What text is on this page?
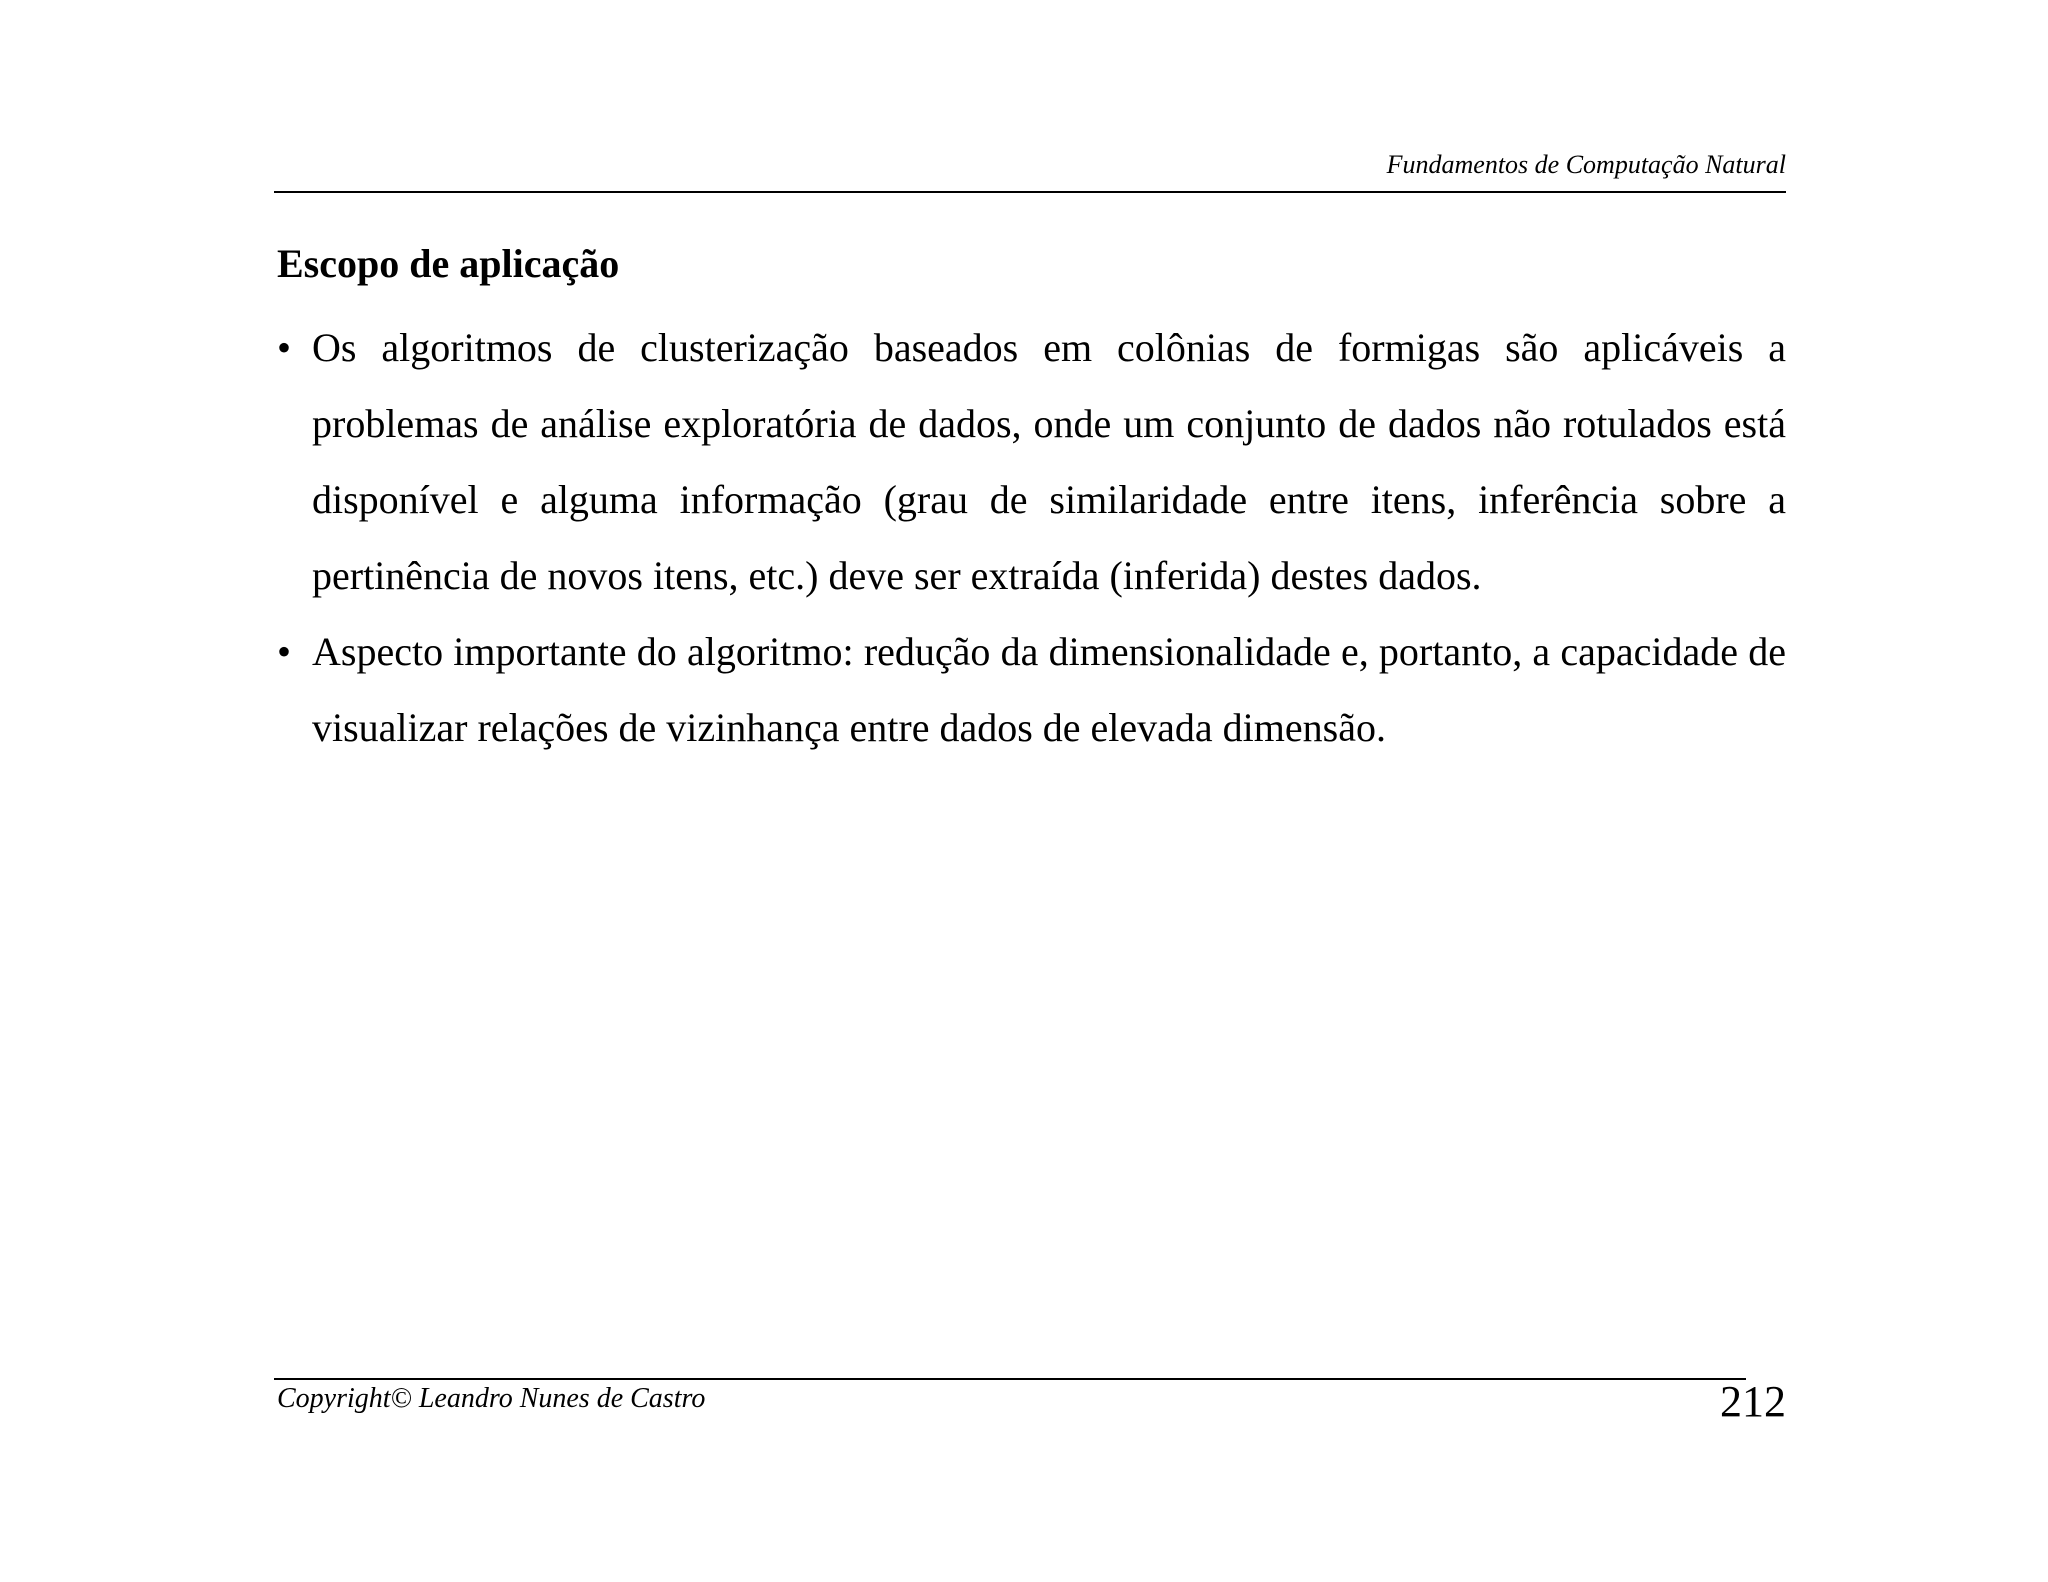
Fundamentos de Computação Natural
Escopo de aplicação
• Os algoritmos de clusterização baseados em colônias de formigas são aplicáveis a problemas de análise exploratória de dados, onde um conjunto de dados não rotulados está disponível e alguma informação (grau de similaridade entre itens, inferência sobre a pertinência de novos itens, etc.) deve ser extraída (inferida) destes dados.
• Aspecto importante do algoritmo: redução da dimensionalidade e, portanto, a capacidade de visualizar relações de vizinhança entre dados de elevada dimensão.
Copyright© Leandro Nunes de Castro	212
